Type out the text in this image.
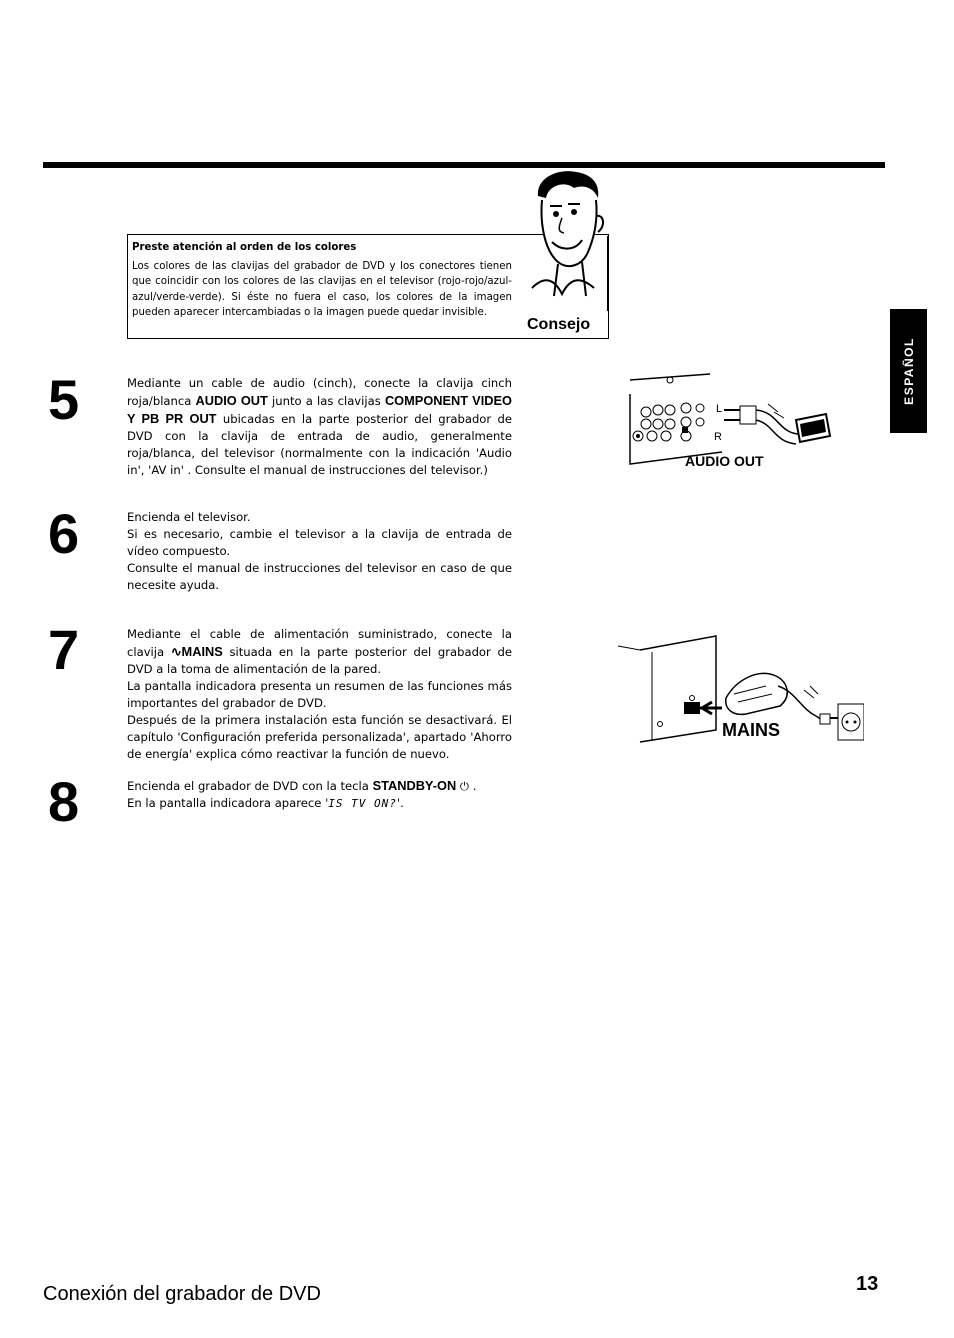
Preste atención al orden de los colores
Los colores de las clavijas del grabador de DVD y los conectores tienen que coincidir con los colores de las clavijas en el televisor (rojo-rojo/azul-azul/verde-verde). Si éste no fuera el caso, los colores de la imagen pueden aparecer intercambiadas o la imagen puede quedar invisible.
Consejo
ESPAÑOL
5	Mediante un cable de audio (cinch), conecte la clavija cinch roja/blanca AUDIO OUT junto a las clavijas COMPONENT VIDEO Y PB PR OUT ubicadas en la parte posterior del grabador de DVD con la clavija de entrada de audio, generalmente roja/blanca, del televisor (normalmente con la indicación 'Audio in', 'AV in' . Consulte el manual de instrucciones del televisor.)
6	Encienda el televisor.
Si es necesario, cambie el televisor a la clavija de entrada de vídeo compuesto.
Consulte el manual de instrucciones del televisor en caso de que necesite ayuda.
7	Mediante el cable de alimentación suministrado, conecte la clavija ∿MAINS situada en la parte posterior del grabador de DVD a la toma de alimentación de la pared.
La pantalla indicadora presenta un resumen de las funciones más importantes del grabador de DVD.
Después de la primera instalación esta función se desactivará. El capítulo 'Configuración preferida personalizada', apartado 'Ahorro de energía' explica cómo reactivar la función de nuevo.
8	Encienda el grabador de DVD con la tecla STANDBY-ON ⏻ .
En la pantalla indicadora aparece 'IS TV ON?'.
L
R
AUDIO OUT
MAINS
Conexión del grabador de DVD	13
